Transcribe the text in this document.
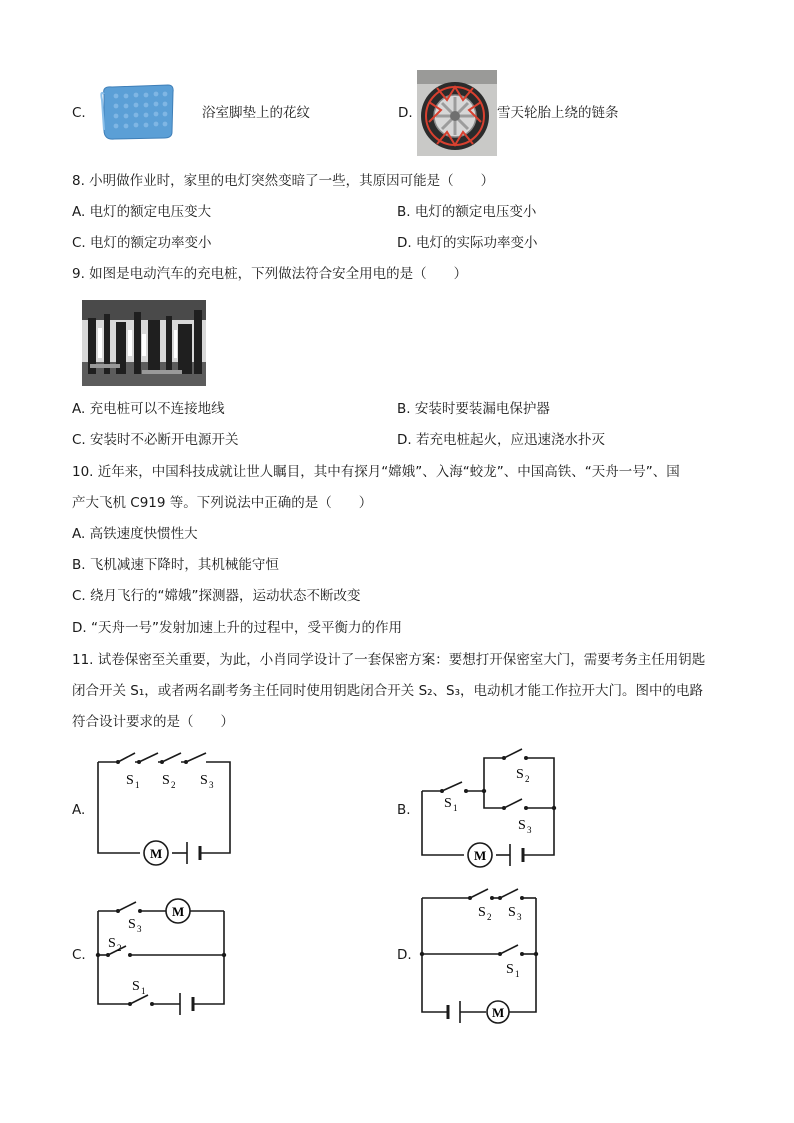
C.	浴室脚垫上的花纹	D.	雪天轮胎上绕的链条
8. 小明做作业时，家里的电灯突然变暗了一些，其原因可能是（　　）
A. 电灯的额定电压变大	B. 电灯的额定电压变小
C. 电灯的额定功率变小	D. 电灯的实际功率变小
9. 如图是电动汽车的充电桩，下列做法符合安全用电的是（　　）
A. 充电桩可以不连接地线	B. 安装时要装漏电保护器
C. 安装时不必断开电源开关	D. 若充电桩起火，应迅速浇水扑灭
10. 近年来，中国科技成就让世人瞩目，其中有探月“嫦娥”、入海“蛟龙”、中国高铁、“天舟一号”、国
产大飞机 C919 等。下列说法中正确的是（　　）
A. 高铁速度快惯性大
B. 飞机减速下降时，其机械能守恒
C. 绕月飞行的“嫦娥”探测器，运动状态不断改变
D. “天舟一号”发射加速上升的过程中，受平衡力的作用
11. 试卷保密至关重要，为此，小肖同学设计了一套保密方案：要想打开保密室大门，需要考务主任用钥匙
闭合开关 S₁，或者两名副考务主任同时使用钥匙闭合开关 S₂、S₃，电动机才能工作拉开大门。图中的电路
符合设计要求的是（　　）
A.	B.
C.	D.
S 1 S 2 S 3
M
S 1
S 2
S 3
M
S 3
S 2
S 1
M	S 2 S 3
S 1
M
